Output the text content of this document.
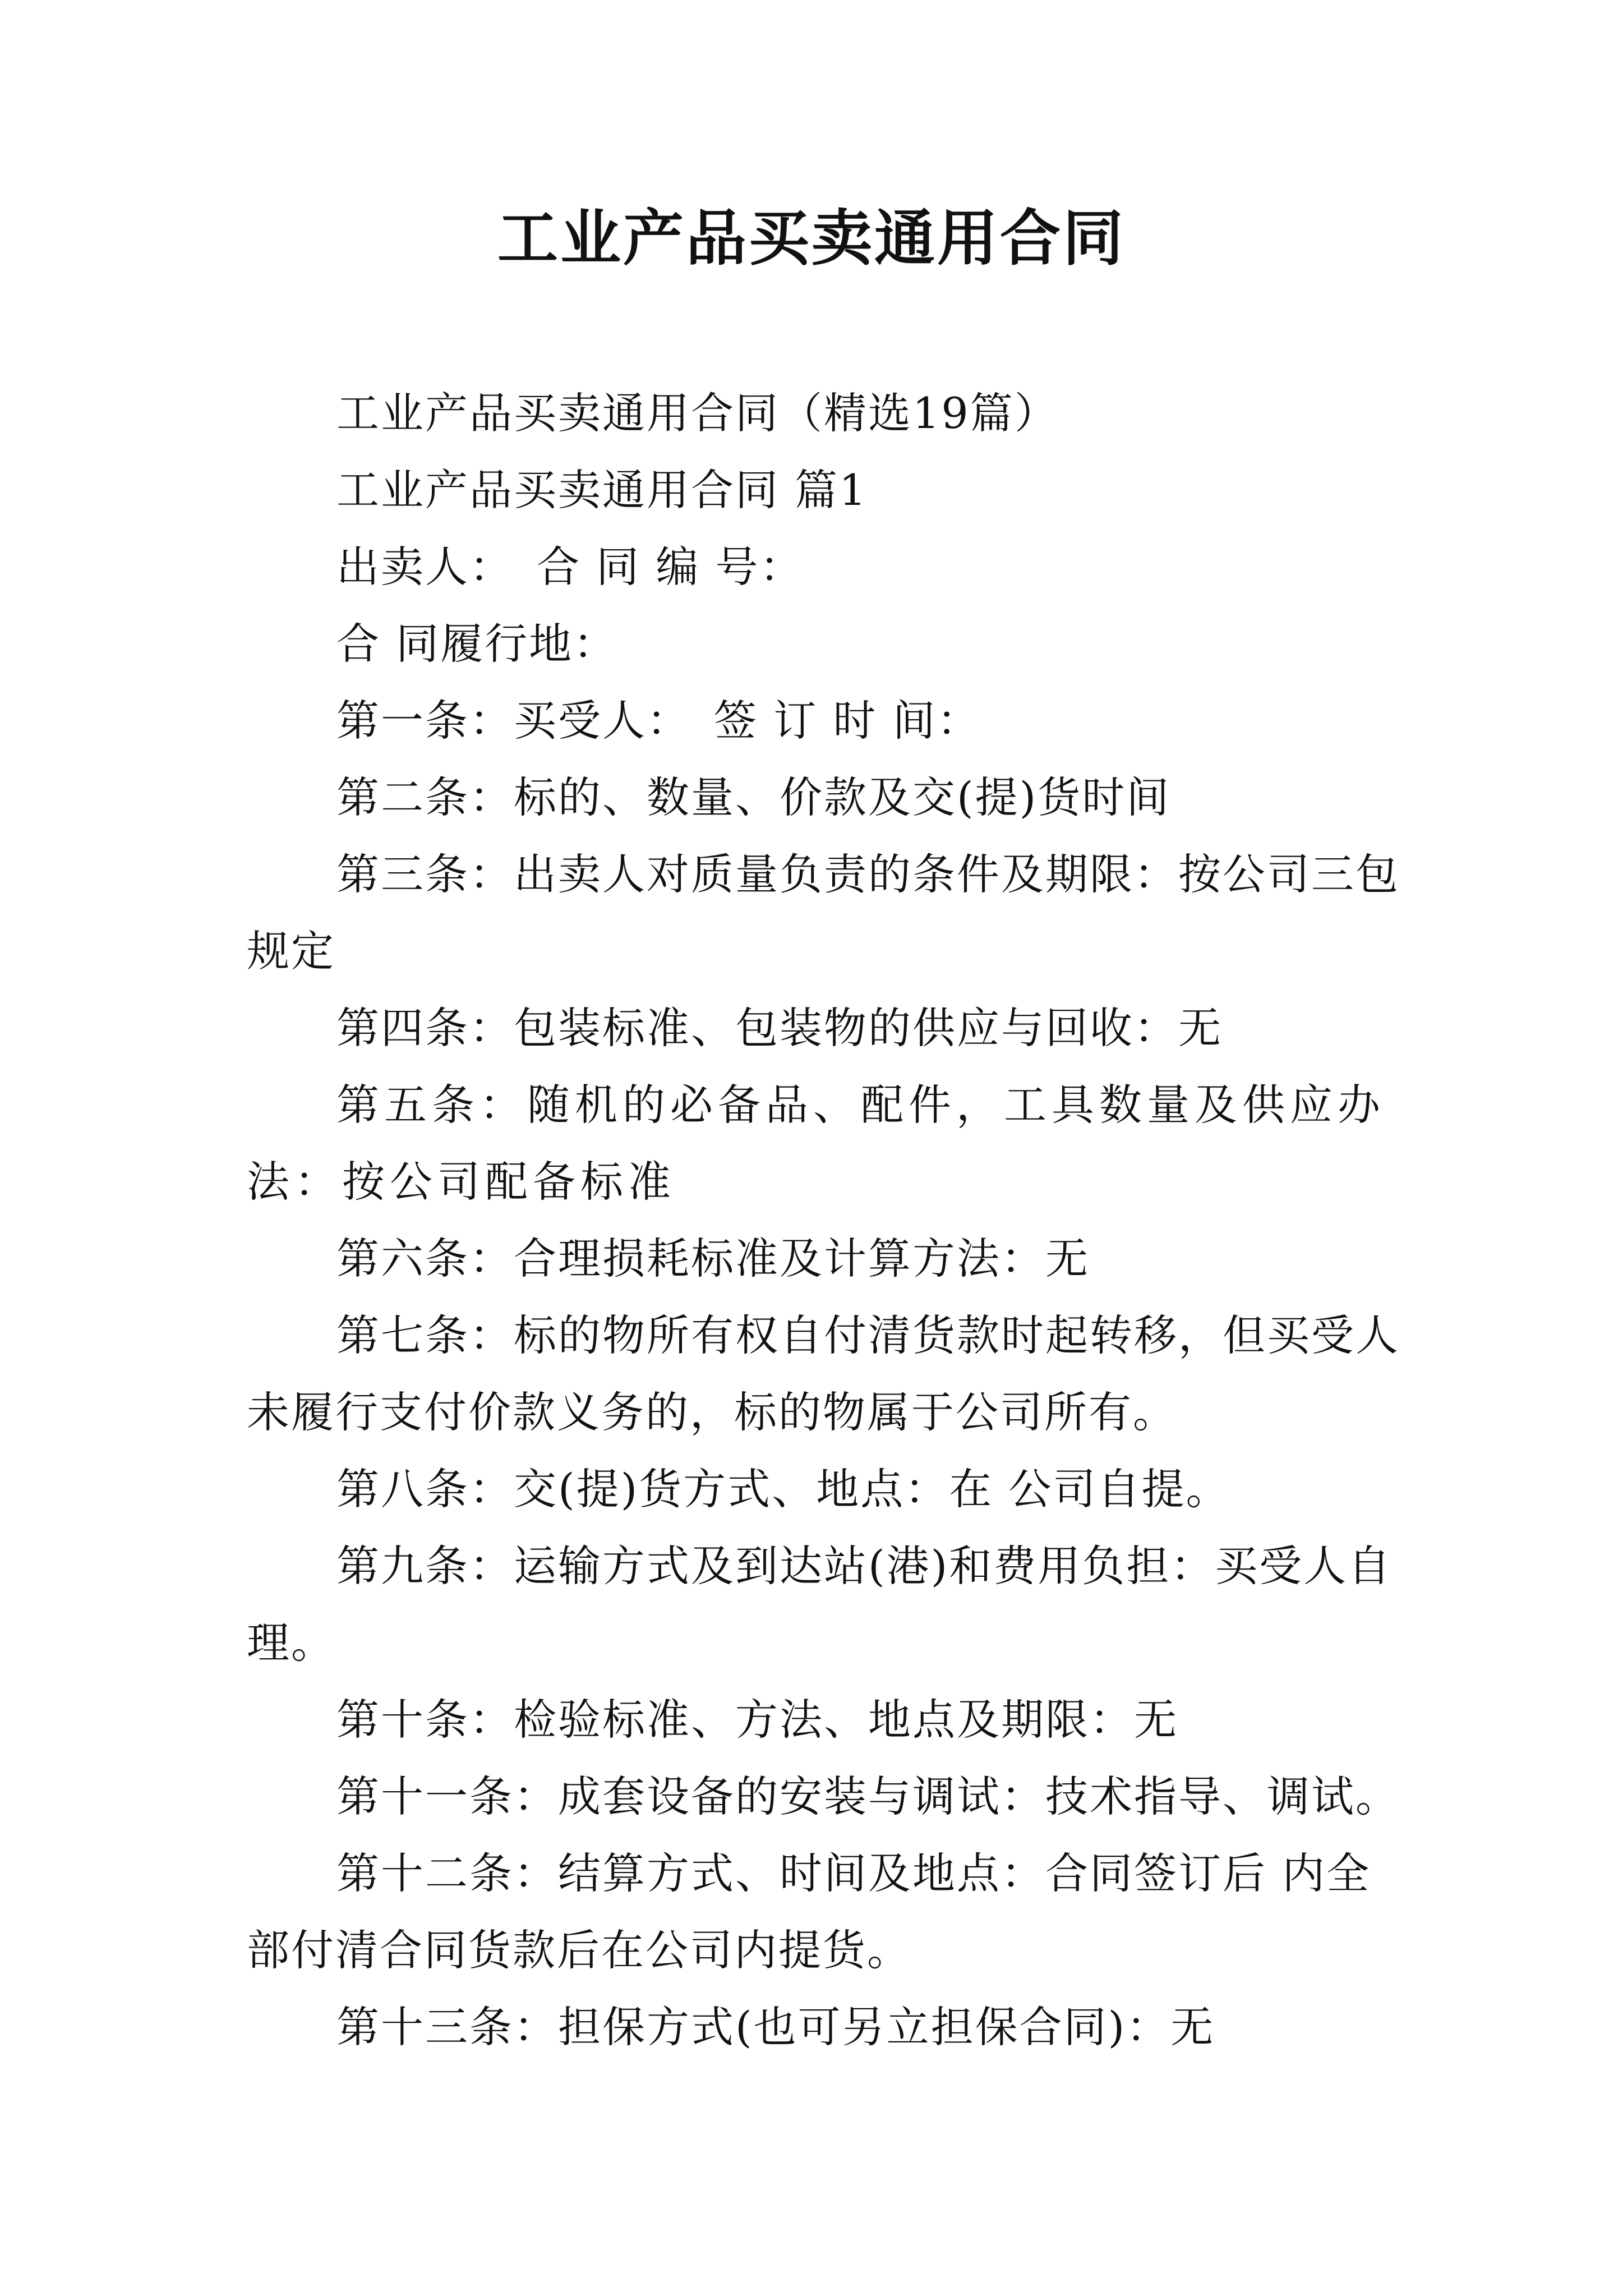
工业产品买卖通用合同

工业产品买卖通用合同（精选19篇）

工业产品买卖通用合同 篇1

出卖人：　合 同 编 号：

合 同履行地：

第一条：买受人：　签 订 时 间：

第二条：标的、数量、价款及交(提)货时间

第三条：出卖人对质量负责的条件及期限：按公司三包规定

第四条：包装标准、包装物的供应与回收：无

第五条：随机的必备品、配件，工具数量及供应办法：按公司配备标准

第六条：合理损耗标准及计算方法：无

第七条：标的物所有权自付清货款时起转移，但买受人未履行支付价款义务的，标的物属于公司所有。

第八条：交(提)货方式、地点：在 公司自提。

第九条：运输方式及到达站(港)和费用负担：买受人自理。

第十条：检验标准、方法、地点及期限：无

第十一条：成套设备的安装与调试：技术指导、调试。

第十二条：结算方式、时间及地点：合同签订后 内全部付清合同货款后在公司内提货。

第十三条：担保方式(也可另立担保合同)：无
